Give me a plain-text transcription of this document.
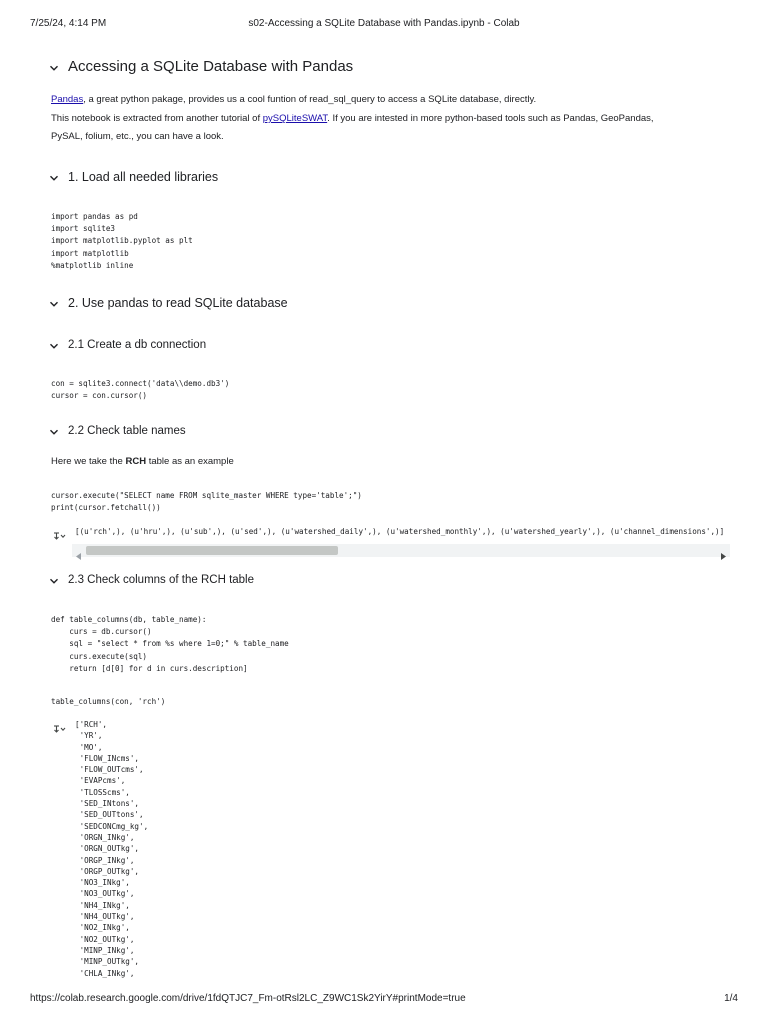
7/25/24, 4:14 PM	s02-Accessing a SQLite Database with Pandas.ipynb - Colab
Accessing a SQLite Database with Pandas
Pandas, a great python pakage, provides us a cool funtion of read_sql_query to access a SQLite database, directly.
This notebook is extracted from another tutorial of pySQLiteSWAT. If you are intested in more python-based tools such as Pandas, GeoPandas,
PySAL, folium, etc., you can have a look.
1. Load all needed libraries
import pandas as pd
import sqlite3
import matplotlib.pyplot as plt
import matplotlib
%matplotlib inline
2. Use pandas to read SQLite database
2.1 Create a db connection
con = sqlite3.connect('data\\demo.db3')
cursor = con.cursor()
2.2 Check table names
Here we take the RCH table as an example
cursor.execute("SELECT name FROM sqlite_master WHERE type='table';")
print(cursor.fetchall())
[(u'rch',), (u'hru',), (u'sub',), (u'sed',), (u'watershed_daily',), (u'watershed_monthly',), (u'watershed_yearly',), (u'channel_dimensions',)]
2.3 Check columns of the RCH table
def table_columns(db, table_name):
curs = db.cursor()
sql = "select * from %s where 1=0;" % table_name
curs.execute(sql)
return [d[0] for d in curs.description]
table_columns(con, 'rch')
['RCH',
'YR',
'MO',
'FLOW_INcms',
'FLOW_OUTcms',
'EVAPcms',
'TLOSScms',
'SED_INtons',
'SED_OUTtons',
'SEDCONCmg_kg',
'ORGN_INkg',
'ORGN_OUTkg',
'ORGP_INkg',
'ORGP_OUTkg',
'NO3_INkg',
'NO3_OUTkg',
'NH4_INkg',
'NH4_OUTkg',
'NO2_INkg',
'NO2_OUTkg',
'MINP_INkg',
'MINP_OUTkg',
'CHLA_INkg',
https://colab.research.google.com/drive/1fdQTJC7_Fm-otRsl2LC_Z9WC1Sk2YirY#printMode=true	1/4
